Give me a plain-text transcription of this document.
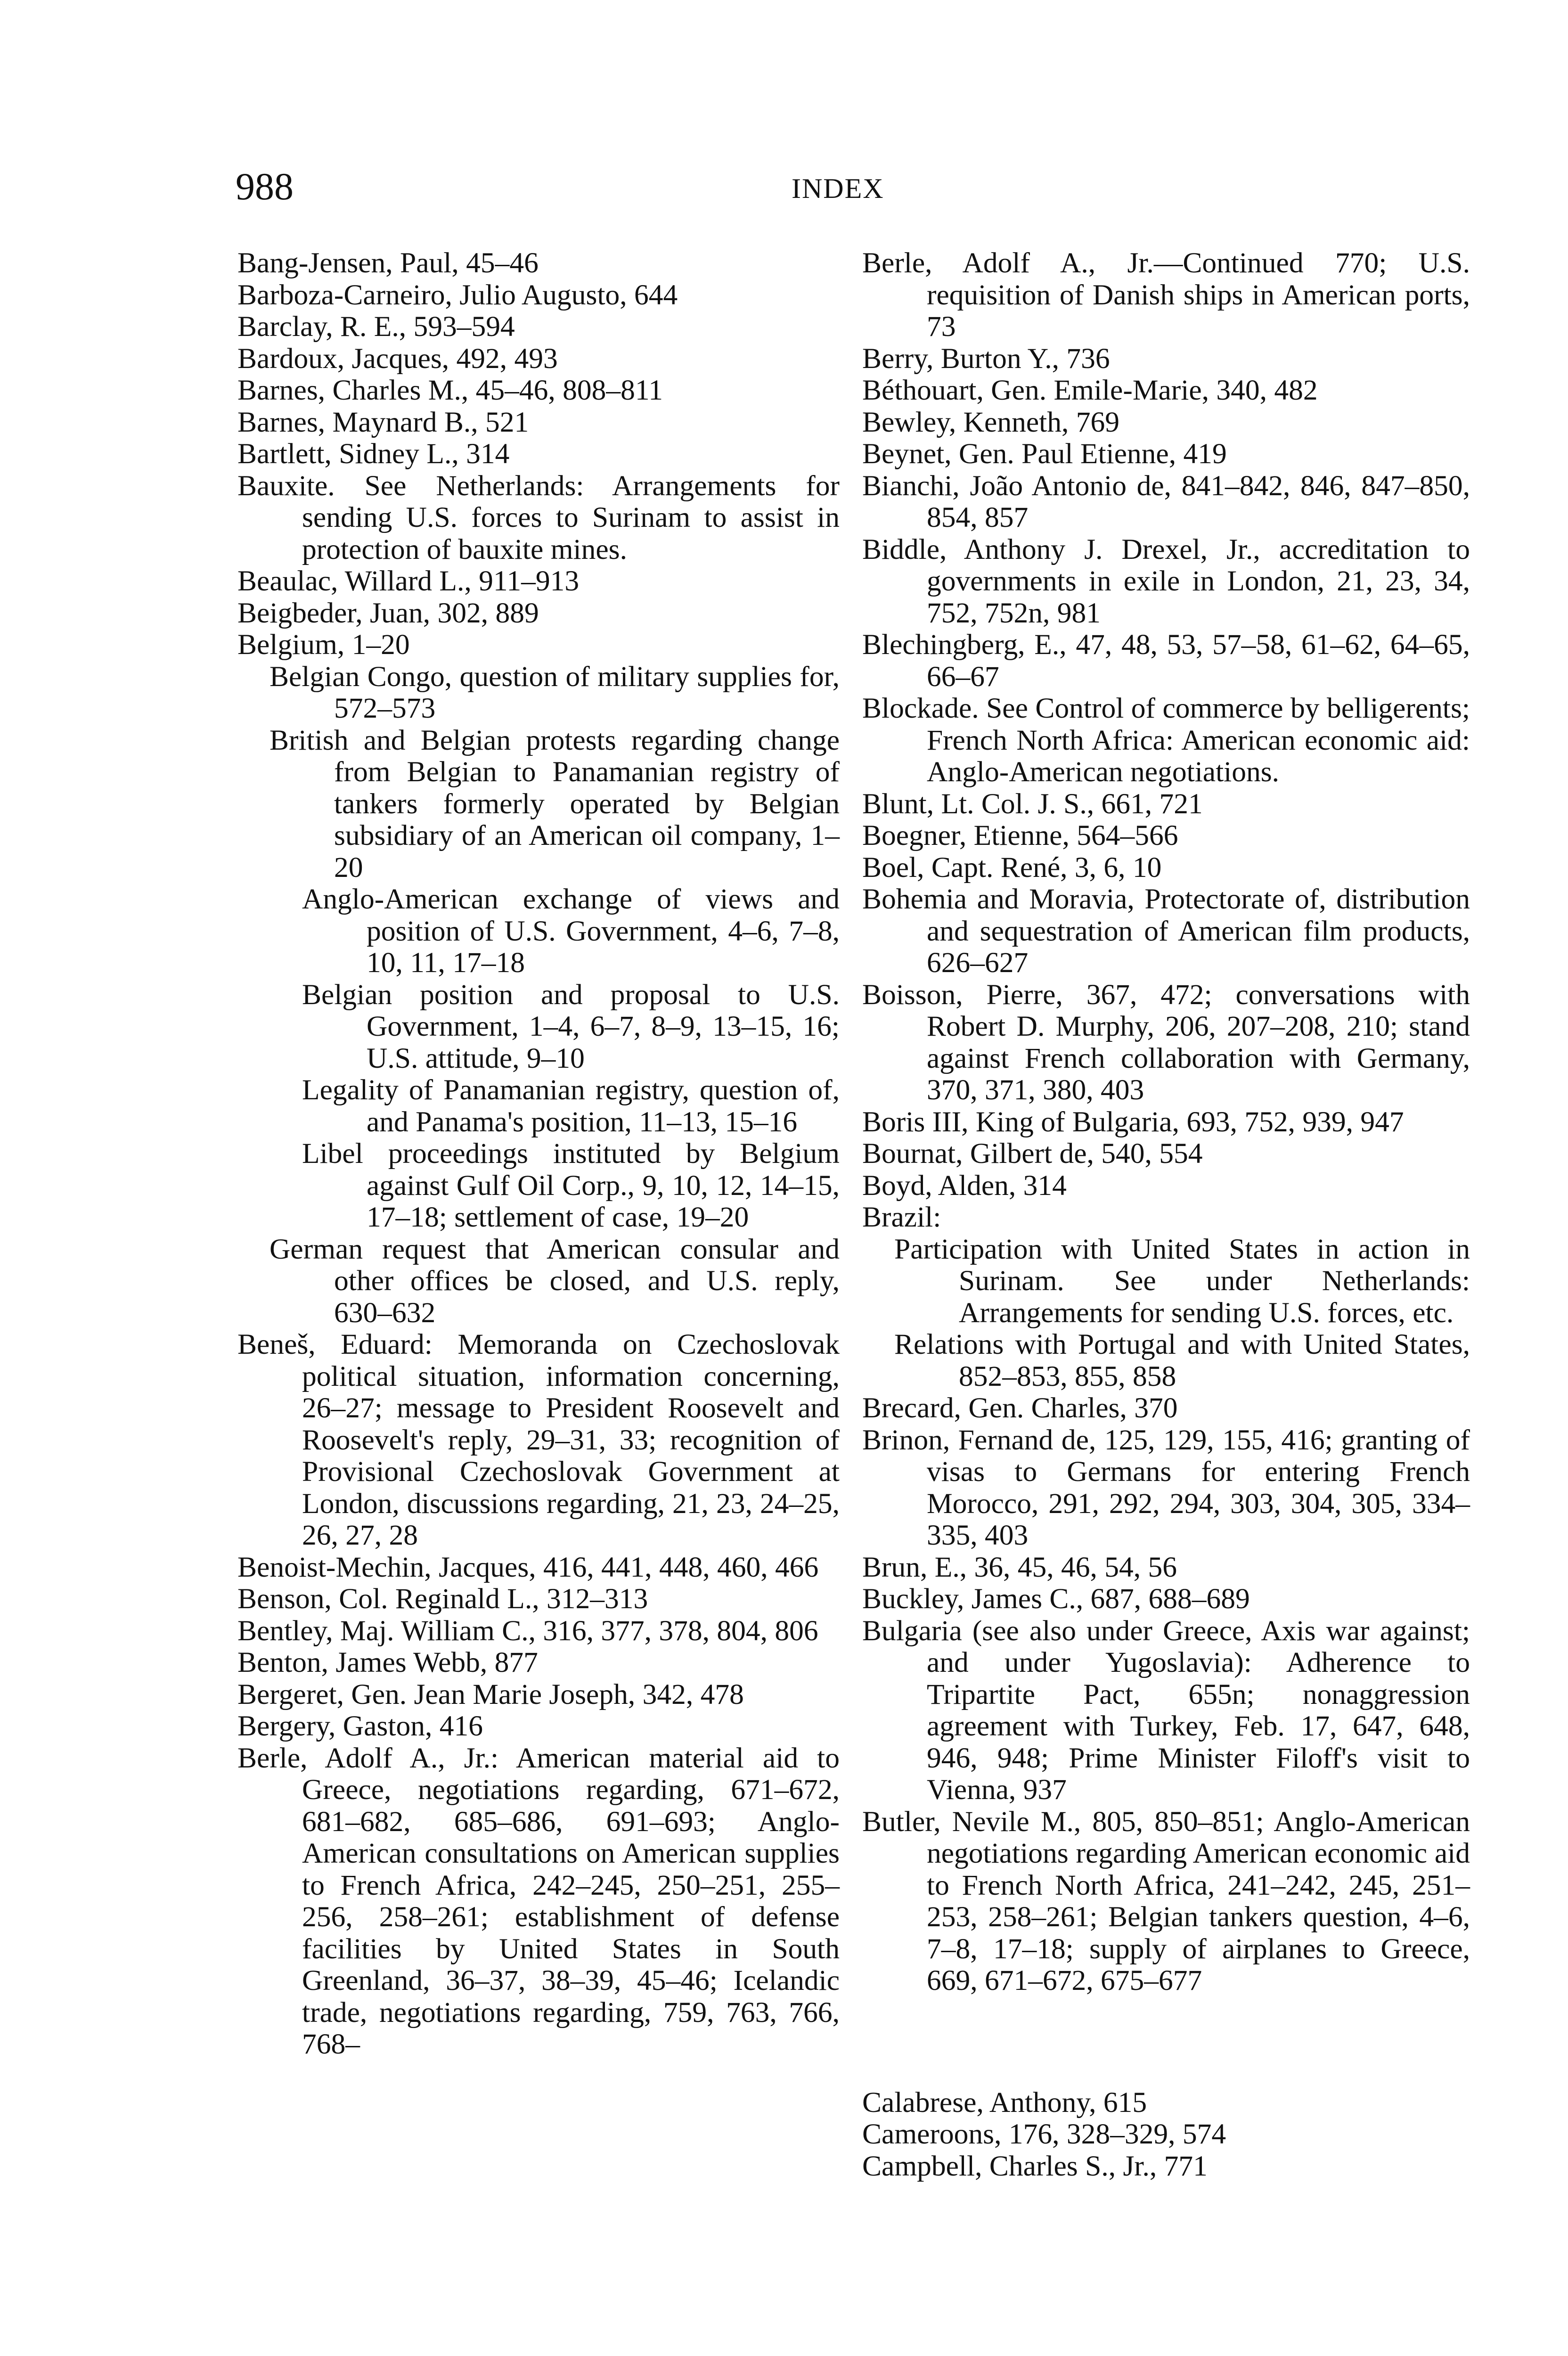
988	INDEX

Bang-Jensen, Paul, 45–46

Barboza-Carneiro, Julio Augusto, 644

Barclay, R. E., 593–594

Bardoux, Jacques, 492, 493

Barnes, Charles M., 45–46, 808–811

Barnes, Maynard B., 521

Bartlett, Sidney L., 314

Bauxite. See Netherlands: Arrangements for sending U.S. forces to Surinam to assist in protection of bauxite mines.

Beaulac, Willard L., 911–913

Beigbeder, Juan, 302, 889

Belgium, 1–20

Belgian Congo, question of military supplies for, 572–573

British and Belgian protests regarding change from Belgian to Panamanian registry of tankers formerly operated by Belgian subsidiary of an American oil company, 1–20

Anglo-American exchange of views and position of U.S. Government, 4–6, 7–8, 10, 11, 17–18

Belgian position and proposal to U.S. Government, 1–4, 6–7, 8–9, 13–15, 16; U.S. attitude, 9–10

Legality of Panamanian registry, question of, and Panama's position, 11–13, 15–16

Libel proceedings instituted by Belgium against Gulf Oil Corp., 9, 10, 12, 14–15, 17–18; settlement of case, 19–20

German request that American consular and other offices be closed, and U.S. reply, 630–632

Beneš, Eduard: Memoranda on Czechoslovak political situation, information concerning, 26–27; message to President Roosevelt and Roosevelt's reply, 29–31, 33; recognition of Provisional Czechoslovak Government at London, discussions regarding, 21, 23, 24–25, 26, 27, 28

Benoist-Mechin, Jacques, 416, 441, 448, 460, 466

Benson, Col. Reginald L., 312–313

Bentley, Maj. William C., 316, 377, 378, 804, 806

Benton, James Webb, 877

Bergeret, Gen. Jean Marie Joseph, 342, 478

Bergery, Gaston, 416

Berle, Adolf A., Jr.: American material aid to Greece, negotiations regarding, 671–672, 681–682, 685–686, 691–693; Anglo-American consultations on American supplies to French Africa, 242–245, 250–251, 255–256, 258–261; establishment of defense facilities by United States in South Greenland, 36–37, 38–39, 45–46; Icelandic trade, negotiations regarding, 759, 763, 766, 768–

Berle, Adolf A., Jr.—Continued 770; U.S. requisition of Danish ships in American ports, 73

Berry, Burton Y., 736

Béthouart, Gen. Emile-Marie, 340, 482

Bewley, Kenneth, 769

Beynet, Gen. Paul Etienne, 419

Bianchi, João Antonio de, 841–842, 846, 847–850, 854, 857

Biddle, Anthony J. Drexel, Jr., accreditation to governments in exile in London, 21, 23, 34, 752, 752n, 981

Blechingberg, E., 47, 48, 53, 57–58, 61–62, 64–65, 66–67

Blockade. See Control of commerce by belligerents; French North Africa: American economic aid: Anglo-American negotiations.

Blunt, Lt. Col. J. S., 661, 721

Boegner, Etienne, 564–566

Boel, Capt. René, 3, 6, 10

Bohemia and Moravia, Protectorate of, distribution and sequestration of American film products, 626–627

Boisson, Pierre, 367, 472; conversations with Robert D. Murphy, 206, 207–208, 210; stand against French collaboration with Germany, 370, 371, 380, 403

Boris III, King of Bulgaria, 693, 752, 939, 947

Bournat, Gilbert de, 540, 554

Boyd, Alden, 314

Brazil:

Participation with United States in action in Surinam. See under Netherlands: Arrangements for sending U.S. forces, etc.

Relations with Portugal and with United States, 852–853, 855, 858

Brecard, Gen. Charles, 370

Brinon, Fernand de, 125, 129, 155, 416; granting of visas to Germans for entering French Morocco, 291, 292, 294, 303, 304, 305, 334–335, 403

Brun, E., 36, 45, 46, 54, 56

Buckley, James C., 687, 688–689

Bulgaria (see also under Greece, Axis war against; and under Yugoslavia): Adherence to Tripartite Pact, 655n; nonaggression agreement with Turkey, Feb. 17, 647, 648, 946, 948; Prime Minister Filoff's visit to Vienna, 937

Butler, Nevile M., 805, 850–851; Anglo-American negotiations regarding American economic aid to French North Africa, 241–242, 245, 251–253, 258–261; Belgian tankers question, 4–6, 7–8, 17–18; supply of airplanes to Greece, 669, 671–672, 675–677

Calabrese, Anthony, 615

Cameroons, 176, 328–329, 574

Campbell, Charles S., Jr., 771
